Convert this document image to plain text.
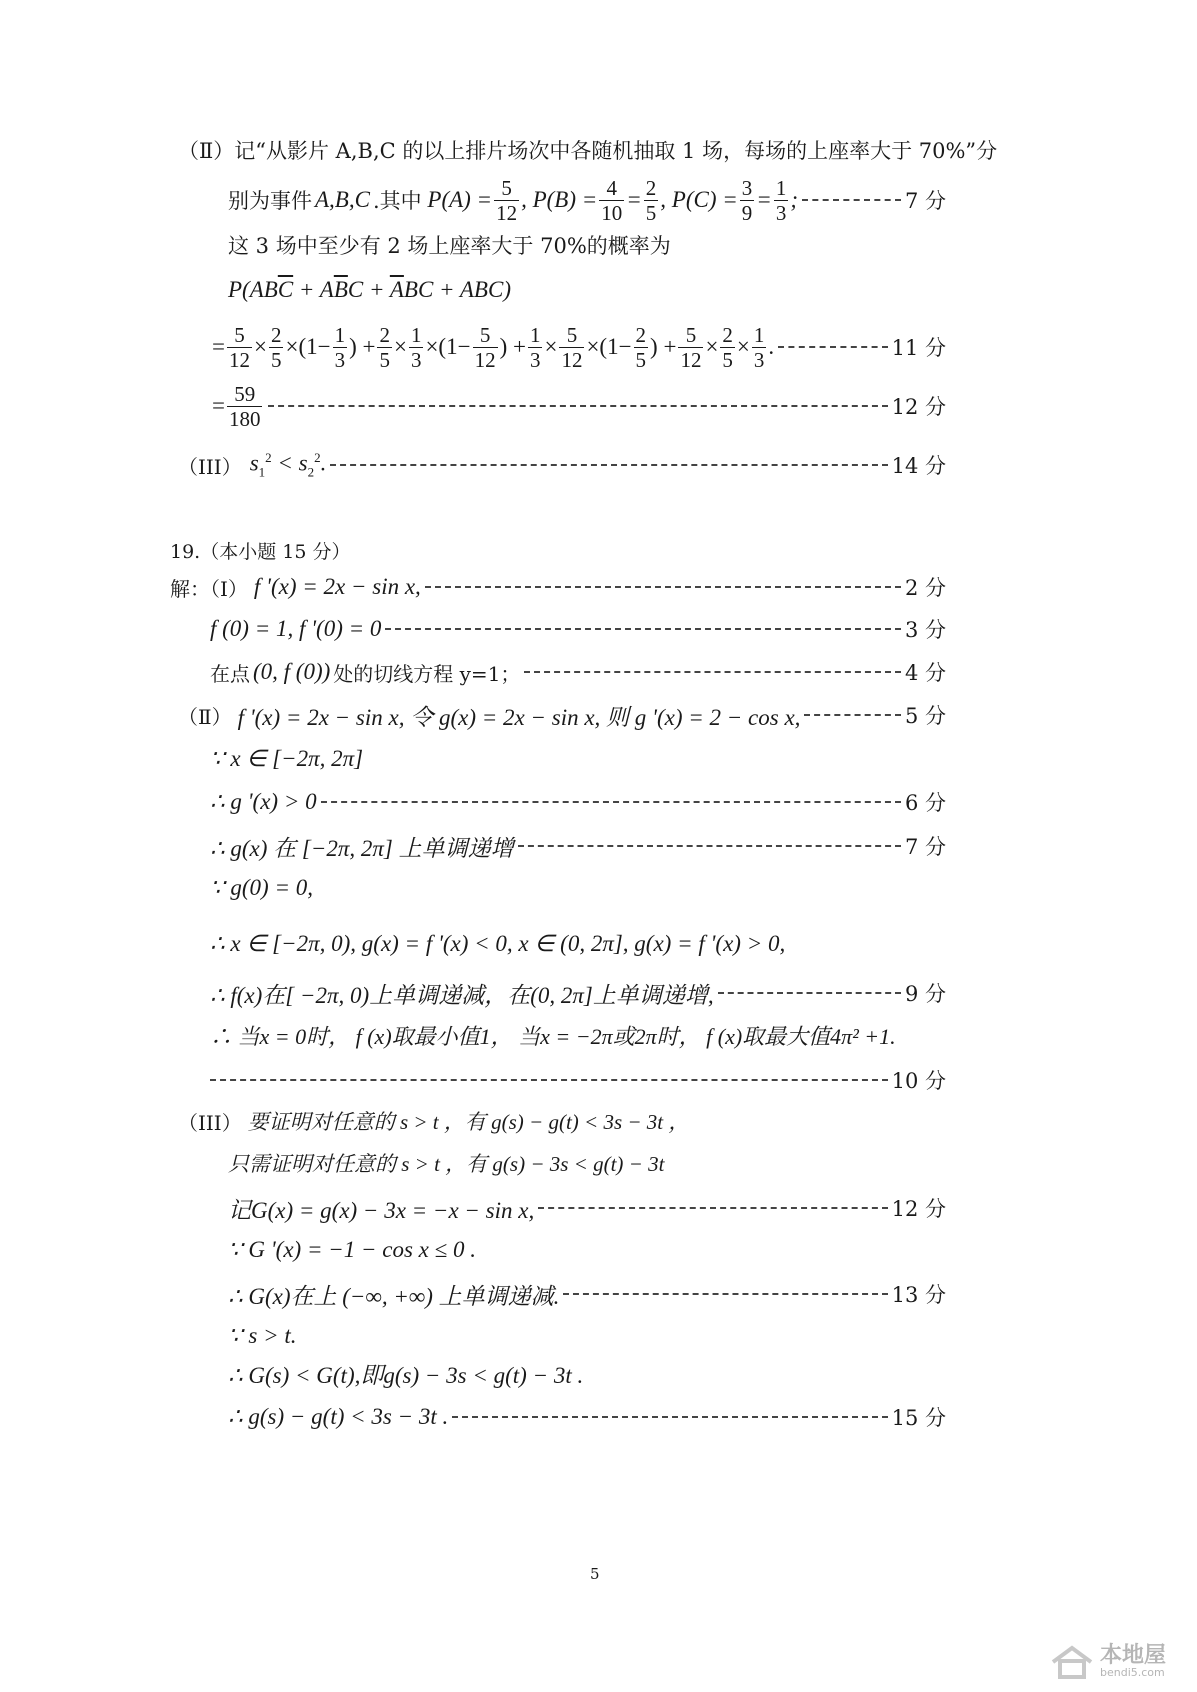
（Ⅱ）记“从影片 A,B,C 的以上排片场次中各随机抽取 1 场，每场的上座率大于 70%”分
别为事件 A,B,C .其中 $P(A) = \frac{5}{12}$ , $P(B) = \frac{4}{10} = \frac{2}{5}$ , $P(C) = \frac{3}{9} = \frac{1}{3}$ ;	7 分
这 3 场中至少有 2 场上座率大于 70%的概率为
$P(AB\overline{C} + A\overline{B}C + \overline{A}BC + ABC)$
= $\frac{5}{12} \times \frac{2}{5} \times(1- \frac{1}{3}$ ) + $\frac{2}{5} \times \frac{1}{3} \times(1- \frac{5}{12}$ ) + $\frac{1}{3} \times \frac{5}{12} \times(1- \frac{2}{5}$ ) + $\frac{5}{12} \times \frac{2}{5} \times \frac{1}{3}$ .	11 分
= $\frac{59}{180}$	12 分
（III） $s_1^2 < s_2^2$.	14 分
19.（本小题 15 分）
解：（Ⅰ） f '(x) = 2x − sin x,	2 分
f (0) = 1, f '(0) = 0	3 分
在点 (0, f (0)) 处的切线方程 y=1；	4 分
（Ⅱ） f '(x) = 2x − sin x, 令 g(x) = 2x − sin x, 则 g '(x) = 2 − cos x,	5 分
∵ x ∈ [−2π, 2π]
∴ g '(x) > 0	6 分
∴ g(x) 在 [−2π, 2π] 上单调递增	7 分
∵ g(0) = 0,
∴ x ∈ [−2π, 0), g(x) = f '(x) < 0, x ∈ (0, 2π], g(x) = f '(x) > 0,
∴ f(x)在[ −2π, 0)上单调递减，在(0, 2π]上单调递增,	9 分
∴ 当x = 0时， f (x)取最小值1， 当x = −2π或2π时， f (x)取最大值4π² +1.
10 分
（III） 要证明对任意的 s > t ，有 g(s) − g(t) < 3s − 3t ，
只需证明对任意的 s > t ，有 g(s) − 3s < g(t) − 3t
记G(x) = g(x) − 3x = −x − sin x,	12 分
∵ G '(x) = −1 − cos x ≤ 0 .
∴ G(x)在上 (−∞, +∞) 上单调递减.	13 分
∵ s > t.
∴ G(s) < G(t),即g(s) − 3s < g(t) − 3t .
∴ g(s) − g(t) < 3s − 3t .	15 分
5
本地屋
bendi5.com
